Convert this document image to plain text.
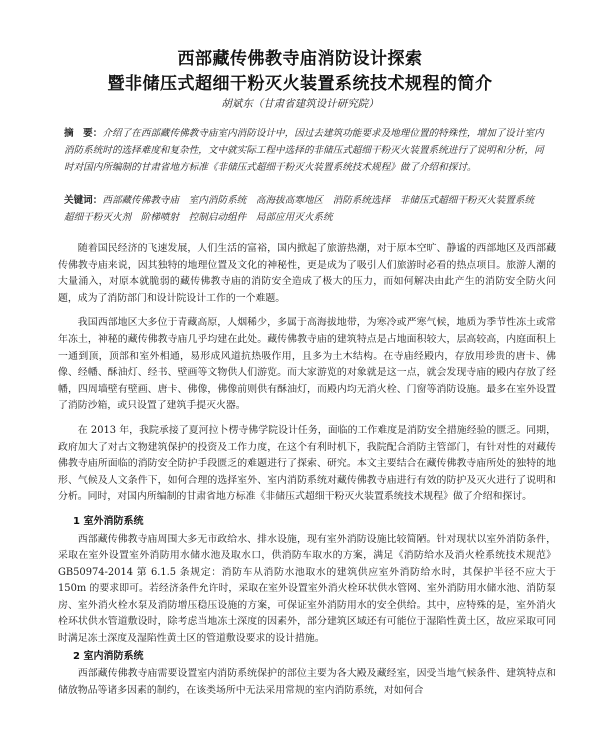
西部藏传佛教寺庙消防设计探索
暨非储压式超细干粉灭火装置系统技术规程的简介
胡斌东（甘肃省建筑设计研究院）
摘　要：介绍了在西部藏传佛教寺庙室内消防设计中，因过去建筑功能要求及地理位置的特殊性，增加了设计室内消防系统时的选择难度和复杂性，文中就实际工程中选择的非储压式超细干粉灭火装置系统进行了说明和分析，同时对国内所编制的甘肃省地方标准《非储压式超细干粉灭火装置系统技术规程》做了介绍和探讨。
关键词：西部藏传佛教寺庙　室内消防系统　高海拔高寒地区　消防系统选择　非储压式超细干粉灭火装置系统　超细干粉灭火剂　阶梯喷射　控制启动组件　局部应用灭火系统

随着国民经济的飞速发展，人们生活的富裕，国内掀起了旅游热潮，对于原本空旷、静谧的西部地区及西部藏传佛教寺庙来说，因其独特的地理位置及文化的神秘性，更是成为了吸引人们旅游时必看的热点项目。旅游人潮的大量涌入，对原本就脆弱的藏传佛教寺庙的消防安全造成了极大的压力，而如何解决由此产生的消防安全防火问题，成为了消防部门和设计院设计工作的一个难题。

我国西部地区大多位于青藏高原，人烟稀少，多属于高海拔地带，为寒冷或严寒气候，地质为季节性冻土或常年冻土，神秘的藏传佛教寺庙几乎均建在此处。藏传佛教寺庙的建筑特点是占地面积较大，层高较高，内庭面积上一通到顶，顶部和室外相通，易形成风道抗热吸作用，且多为土木结构。在寺庙经殿内，存放用珍贵的唐卡、佛像、经幡、酥油灯、经书、壁画等文物供人们游览。而大家游览的对象就是这一点，就会发现寺庙的殿内存放了经幡，四周墙壁有壁画、唐卡、佛像，佛像前则供有酥油灯，而殿内均无消火栓、门窗等消防设施。最多在室外设置了消防沙箱，或只设置了建筑手提灭火器。

在 2013 年，我院承接了夏河拉卜楞寺佛学院设计任务，面临的工作难度是消防安全措施经验的匮乏。同期，政府加大了对古文物建筑保护的投资及工作力度，在这个有利时机下，我院配合消防主管部门，有针对性的对藏传佛教寺庙所面临的消防安全防护手段匮乏的难题进行了探索、研究。本文主要结合在藏传佛教寺庙所处的独特的地形、气候及人文条件下，如何合理的选择室外、室内消防系统对藏传佛教寺庙进行有效的防护及灭火进行了说明和分析。同时，对国内所编制的甘肃省地方标准《非储压式超细干粉灭火装置系统技术规程》做了介绍和探讨。

1 室外消防系统

西部藏传佛教寺庙周围大多无市政给水、排水设施，现有室外消防设施比较简陋。针对现状以室外消防条件，采取在室外设置室外消防用水储水池及取水口，供消防车取水的方案，满足《消防给水及消火栓系统技术规范》GB50974-2014 第 6.1.5 条规定：消防车从消防水池取水的建筑供应室外消防给水时，其保护半径不应大于 150m 的要求即可。若经济条件允许时，采取在室外设置室外消火栓环状供水管网、室外消防用水储水池、消防泵房、室外消火栓水泵及消防增压稳压设施的方案，可保证室外消防用水的安全供给。其中，应特殊的是，室外消火栓环状供水管道敷设时，除考虑当地冻土深度的因素外，部分建筑区域还有可能位于湿陷性黄土区，故应采取可同时满足冻土深度及湿陷性黄土区的管道敷设要求的设计措施。

2 室内消防系统

西部藏传佛教寺庙需要设置室内消防系统保护的部位主要为各大殿及藏经室，因受当地气候条件、建筑特点和储放物品等诸多因素的制约，在该类场所中无法采用常规的室内消防系统，对如何合
